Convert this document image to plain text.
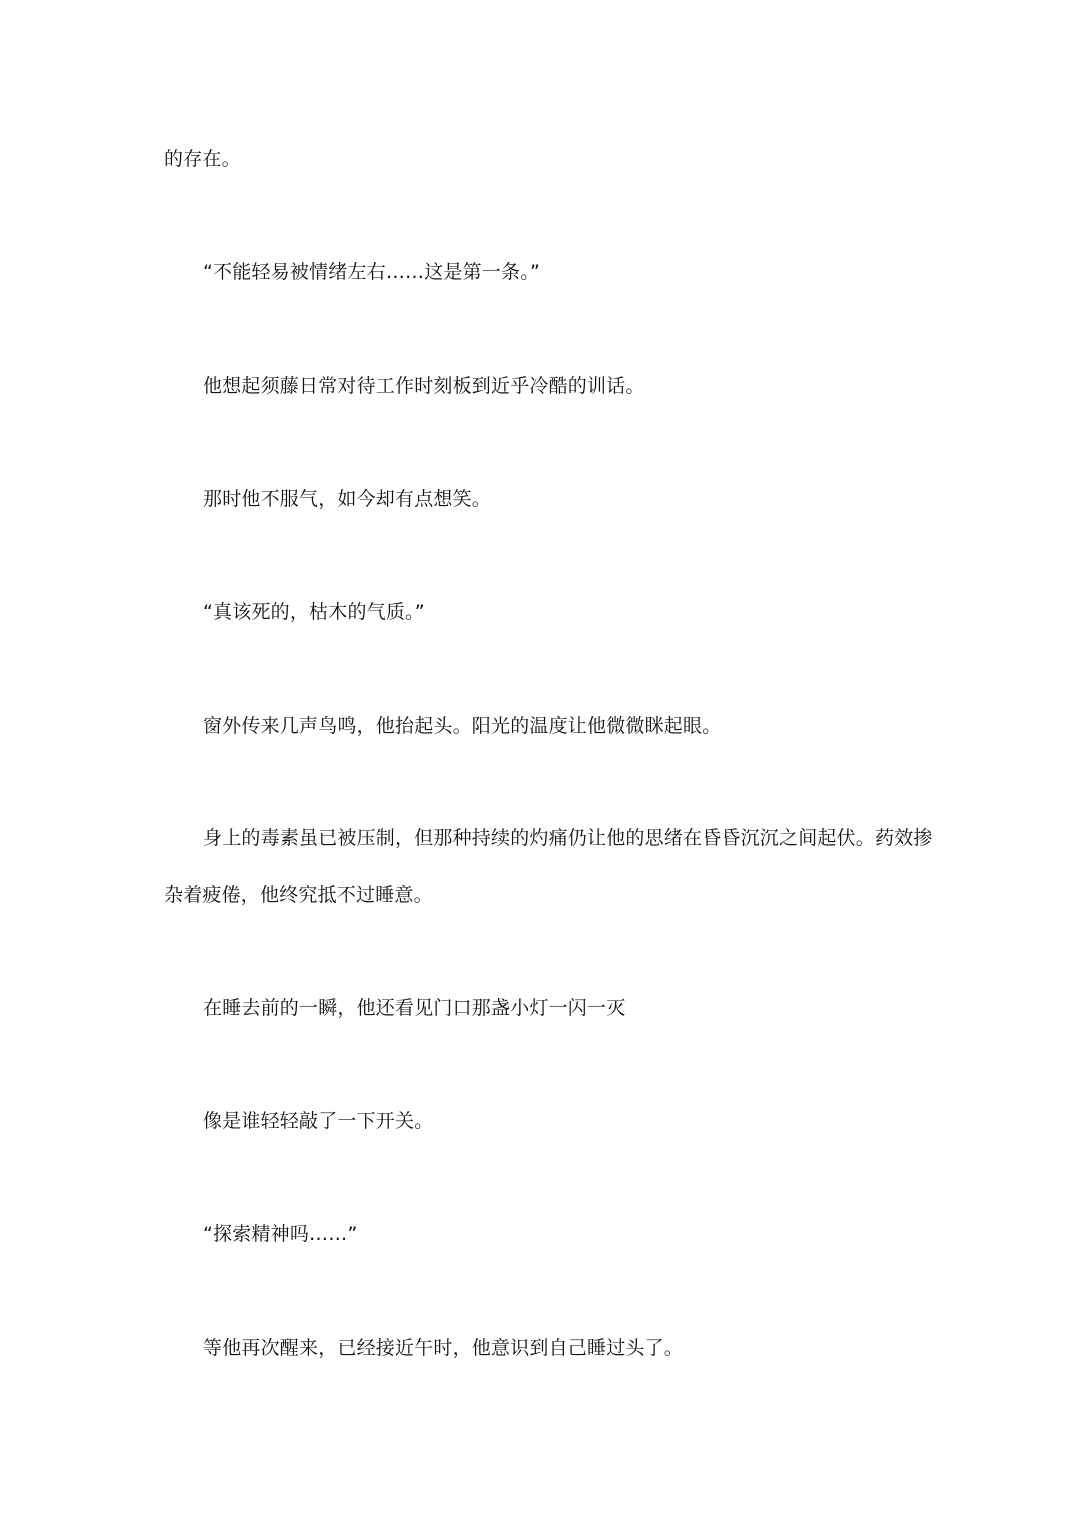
的存在。

“不能轻易被情绪左右……这是第一条。”

他想起须藤日常对待工作时刻板到近乎冷酷的训话。

那时他不服气，如今却有点想笑。

“真该死的，枯木的气质。”

窗外传来几声鸟鸣，他抬起头。阳光的温度让他微微眯起眼。

身上的毒素虽已被压制，但那种持续的灼痛仍让他的思绪在昏昏沉沉之间起伏。药效掺

杂着疲倦，他终究抵不过睡意。

在睡去前的一瞬，他还看见门口那盏小灯一闪一灭

像是谁轻轻敲了一下开关。

“探索精神吗……”

等他再次醒来，已经接近午时，他意识到自己睡过头了。
